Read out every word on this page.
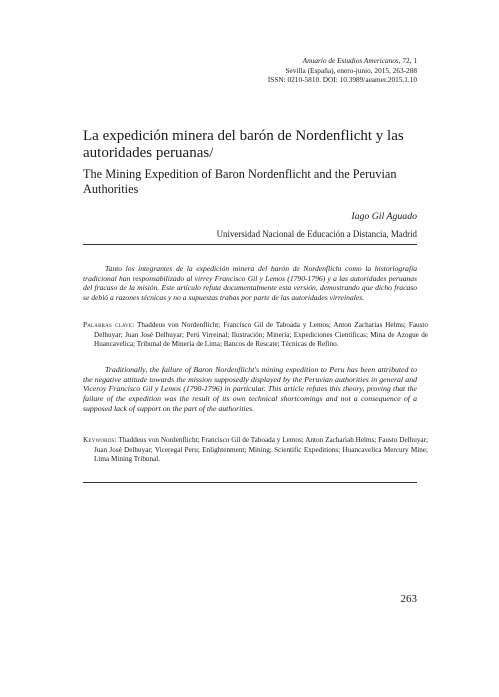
Anuario de Estudios Americanos, 72, 1
Sevilla (España), enero-junio, 2015, 263-288
ISSN: 0210-5810. DOI: 10.3989/aeamer.2015.1.10
La expedición minera del barón de Nordenflicht y las autoridades peruanas/
The Mining Expedition of Baron Nordenflicht and the Peruvian Authorities
Iago Gil Aguado
Universidad Nacional de Educación a Distancia, Madrid

Tanto los integrantes de la expedición minera del barón de Nordenflicht como la historiografía tradicional han responsabilizado al virrey Francisco Gil y Lemos (1790-1796) y a las autoridades peruanas del fracaso de la misión. Este artículo refuta documentalmente esta versión, demostrando que dicho fracaso se debió a razones técnicas y no a supuestas trabas por parte de las autoridades virreinales.

Palabras clave: Thaddeus von Nordenflicht; Francisco Gil de Taboada y Lemos; Anton Zacharias Helms; Fausto Delhuyar; Juan José Delhuyar; Perú Virreinal; Ilustración; Minería; Expediciones Científicas; Mina de Azogue de Huancavelica; Tribunal de Minería de Lima; Bancos de Rescate; Técnicas de Refino.

Traditionally, the failure of Baron Nordenflicht's mining expedition to Peru has been attributed to the negative attitude towards the mission supposedly displayed by the Peruvian authorities in general and Viceroy Francisco Gil y Lemos (1790-1796) in particular. This article refutes this theory, proving that the failure of the expedition was the result of its own technical shortcomings and not a consequence of a supposed lack of support on the part of the authorities.

Keywords: Thaddeus von Nordenflicht; Francisco Gil de Taboada y Lemos; Anton Zachariah Helms; Fausto Delhuyar; Juan José Delhuyar; Viceregal Peru; Enlightenment; Mining; Scientific Expeditions; Huancavelica Mercury Mine; Lima Mining Tribunal.
263
